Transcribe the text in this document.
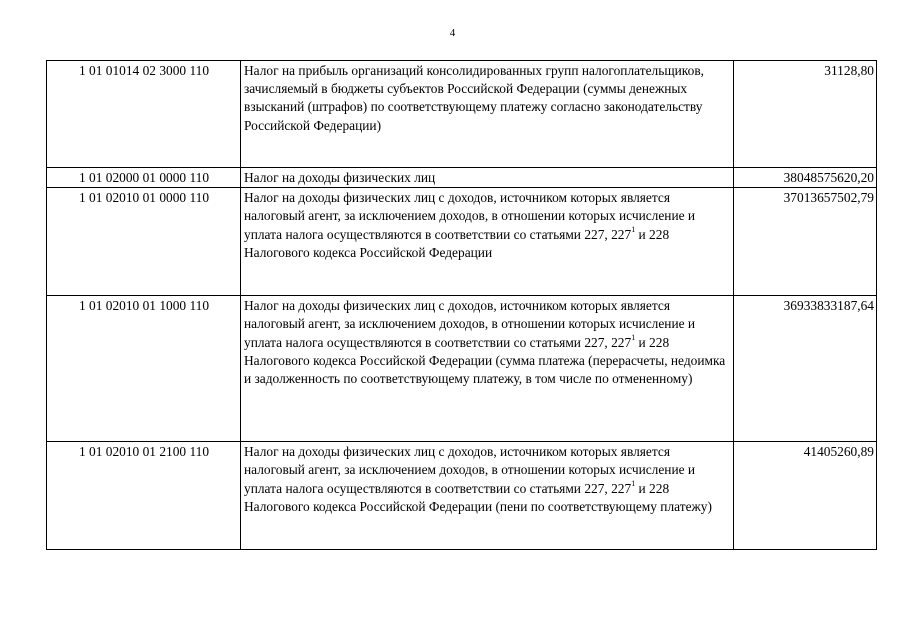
4
1 01 01014 02 3000 110	Налог на прибыль организаций консолидированных групп налогоплательщиков, зачисляемый в бюджеты субъектов Российской Федерации (суммы денежных взысканий (штрафов) по соответствующему платежу согласно законодательству Российской Федерации)	31128,80
1 01 02000 01 0000 110	Налог на доходы физических лиц	38048575620,20
1 01 02010 01 0000 110	Налог на доходы физических лиц с доходов, источником которых является налоговый агент, за исключением доходов, в отношении которых исчисление и уплата налога осуществляются в соответствии со статьями 227, $227^1$ и 228 Налогового кодекса Российской Федерации	37013657502,79
1 01 02010 01 1000 110	Налог на доходы физических лиц с доходов, источником которых является налоговый агент, за исключением доходов, в отношении которых исчисление и уплата налога осуществляются в соответствии со статьями 227, $227^1$ и 228 Налогового кодекса Российской Федерации (сумма платежа (перерасчеты, недоимка и задолженность по соответствующему платежу, в том числе по отмененному)	36933833187,64
1 01 02010 01 2100 110	Налог на доходы физических лиц с доходов, источником которых является налоговый агент, за исключением доходов, в отношении которых исчисление и уплата налога осуществляются в соответствии со статьями 227, $227^1$ и 228 Налогового кодекса Российской Федерации (пени по соответствующему платежу)	41405260,89
